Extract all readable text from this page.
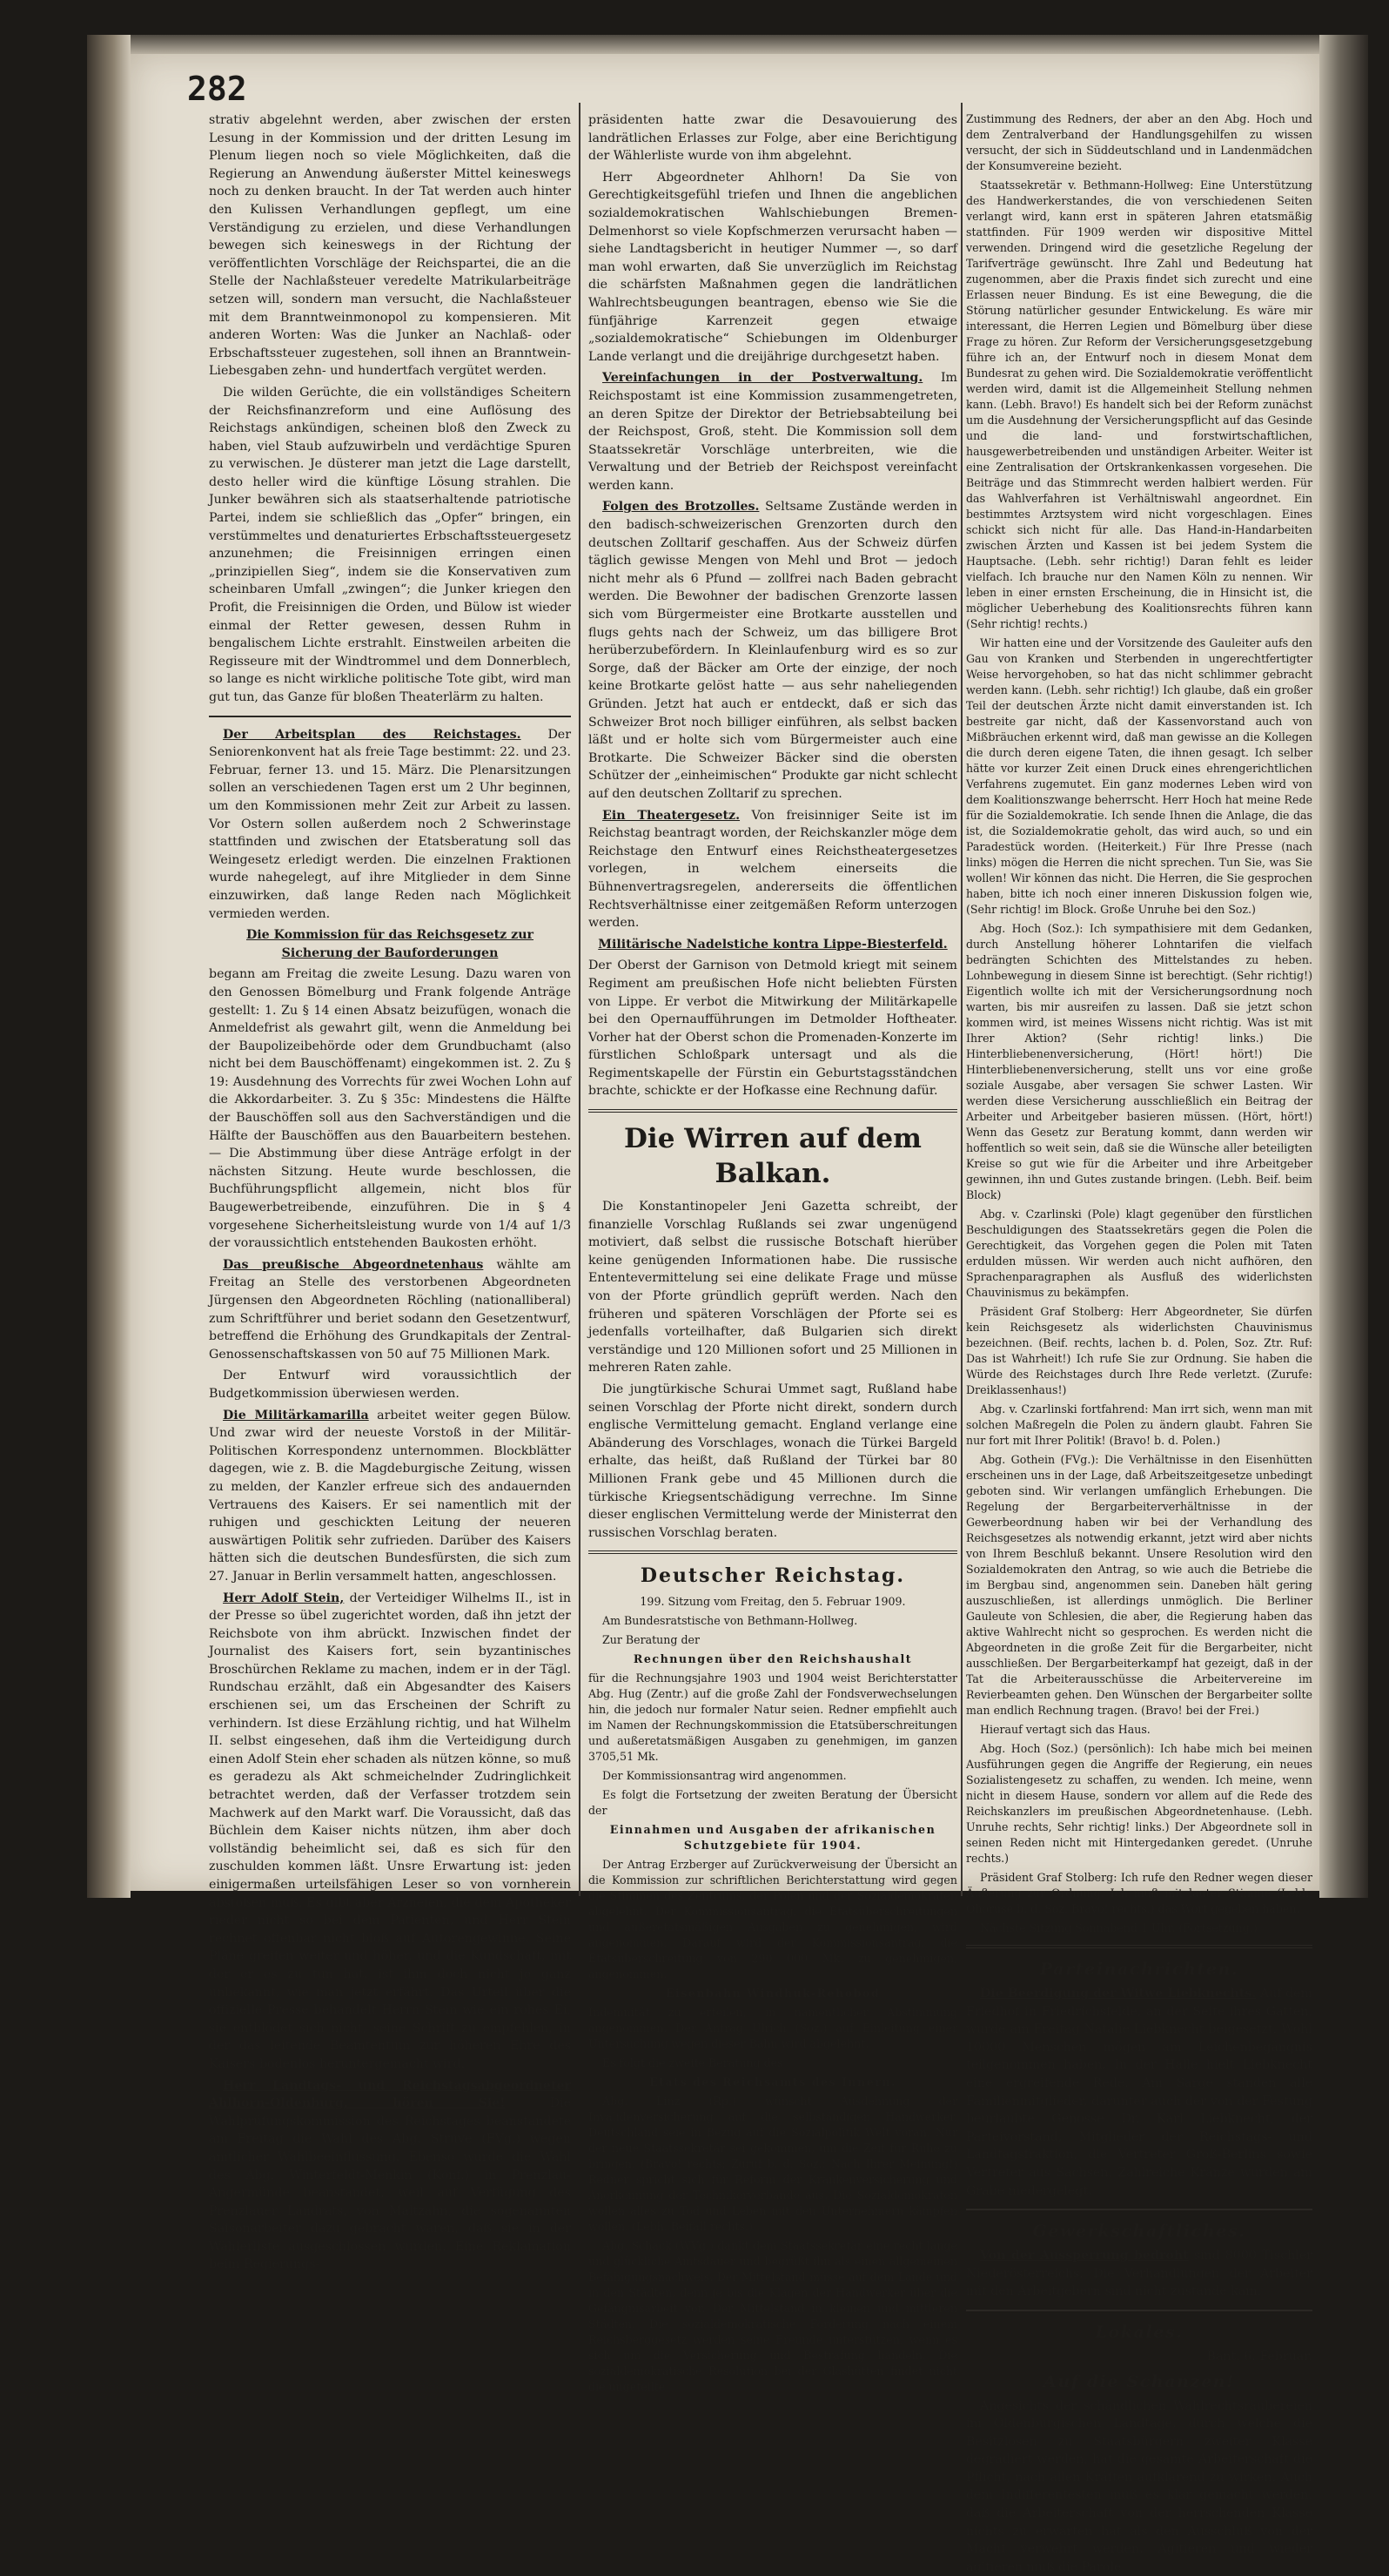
282

strativ abgelehnt werden, aber zwischen der ersten Lesung in der Kommission und der dritten Lesung im Plenum liegen noch so viele Möglichkeiten, daß die Regierung an Anwendung äußerster Mittel keineswegs noch zu denken braucht. In der Tat werden auch hinter den Kulissen Verhandlungen gepflegt, um eine Verständigung zu erzielen, und diese Verhandlungen bewegen sich keineswegs in der Richtung der veröffentlichten Vorschläge der Reichspartei, die an die Stelle der Nachlaßsteuer veredelte Matrikularbeiträge setzen will, sondern man versucht, die Nachlaßsteuer mit dem Branntweinmonopol zu kompensieren. Mit anderen Worten: Was die Junker an Nachlaß- oder Erbschaftssteuer zugestehen, soll ihnen an Branntwein-Liebesgaben zehn- und hundertfach vergütet werden.

Die wilden Gerüchte, die ein vollständiges Scheitern der Reichsfinanzreform und eine Auflösung des Reichstags ankündigen, scheinen bloß den Zweck zu haben, viel Staub aufzuwirbeln und verdächtige Spuren zu verwischen. Je düsterer man jetzt die Lage darstellt, desto heller wird die künftige Lösung strahlen. Die Junker bewähren sich als staatserhaltende patriotische Partei, indem sie schließlich das „Opfer“ bringen, ein verstümmeltes und denaturiertes Erbschaftssteuergesetz anzunehmen; die Freisinnigen erringen einen „prinzipiellen Sieg“, indem sie die Konservativen zum scheinbaren Umfall „zwingen“; die Junker kriegen den Profit, die Freisinnigen die Orden, und Bülow ist wieder einmal der Retter gewesen, dessen Ruhm in bengalischem Lichte erstrahlt. Einstweilen arbeiten die Regisseure mit der Windtrommel und dem Donnerblech, so lange es nicht wirkliche politische Tote gibt, wird man gut tun, das Ganze für bloßen Theaterlärm zu halten.

Der Arbeitsplan des Reichstages. Der Seniorenkonvent hat als freie Tage bestimmt: 22. und 23. Februar, ferner 13. und 15. März. Die Plenarsitzungen sollen an verschiedenen Tagen erst um 2 Uhr beginnen, um den Kommissionen mehr Zeit zur Arbeit zu lassen. Vor Ostern sollen außerdem noch 2 Schwerinstage stattfinden und zwischen der Etatsberatung soll das Weingesetz erledigt werden. Die einzelnen Fraktionen wurde nahegelegt, auf ihre Mitglieder in dem Sinne einzuwirken, daß lange Reden nach Möglichkeit vermieden werden.

Die Kommission für das Reichsgesetz zur Sicherung der Bauforderungen

begann am Freitag die zweite Lesung. Dazu waren von den Genossen Bömelburg und Frank folgende Anträge gestellt: 1. Zu § 14 einen Absatz beizufügen, wonach die Anmeldefrist als gewahrt gilt, wenn die Anmeldung bei der Baupolizeibehörde oder dem Grundbuchamt (also nicht bei dem Bauschöffenamt) eingekommen ist. 2. Zu § 19: Ausdehnung des Vorrechts für zwei Wochen Lohn auf die Akkordarbeiter. 3. Zu § 35c: Mindestens die Hälfte der Bauschöffen soll aus den Sachverständigen und die Hälfte der Bauschöffen aus den Bauarbeitern bestehen. — Die Abstimmung über diese Anträge erfolgt in der nächsten Sitzung. Heute wurde beschlossen, die Buchführungspflicht allgemein, nicht blos für Baugewerbetreibende, einzuführen. Die in § 4 vorgesehene Sicherheitsleistung wurde von 1/4 auf 1/3 der voraussichtlich entstehenden Baukosten erhöht.

Das preußische Abgeordnetenhaus wählte am Freitag an Stelle des verstorbenen Abgeordneten Jürgensen den Abgeordneten Röchling (nationalliberal) zum Schriftführer und beriet sodann den Gesetzentwurf, betreffend die Erhöhung des Grundkapitals der Zentral-Genossenschaftskassen von 50 auf 75 Millionen Mark.

Der Entwurf wird voraussichtlich der Budgetkommission überwiesen werden.

Die Militärkamarilla arbeitet weiter gegen Bülow. Und zwar wird der neueste Vorstoß in der Militär-Politischen Korrespondenz unternommen. Blockblätter dagegen, wie z. B. die Magdeburgische Zeitung, wissen zu melden, der Kanzler erfreue sich des andauernden Vertrauens des Kaisers. Er sei namentlich mit der ruhigen und geschickten Leitung der neueren auswärtigen Politik sehr zufrieden. Darüber des Kaisers hätten sich die deutschen Bundesfürsten, die sich zum 27. Januar in Berlin versammelt hatten, angeschlossen.

Herr Adolf Stein, der Verteidiger Wilhelms II., ist in der Presse so übel zugerichtet worden, daß ihn jetzt der Reichsbote von ihm abrückt. Inzwischen findet der Journalist des Kaisers fort, sein byzantinisches Broschürchen Reklame zu machen, indem er in der Tägl. Rundschau erzählt, daß ein Abgesandter des Kaisers erschienen sei, um das Erscheinen der Schrift zu verhindern. Ist diese Erzählung richtig, und hat Wilhelm II. selbst eingesehen, daß ihm die Verteidigung durch einen Adolf Stein eher schaden als nützen könne, so muß es geradezu als Akt schmeichelnder Zudringlichkeit betrachtet werden, daß der Verfasser trotzdem sein Machwerk auf den Markt warf. Die Voraussicht, daß das Büchlein dem Kaiser nichts nützen, ihm aber doch vollständig beheimlicht sei, daß es sich für den zuschulden kommen läßt. Unsre Erwartung ist: jeden einigermaßen urteilsfähigen Leser so von vornherein abstoßen muß. Es gibt aber Arzneien, die dem Apotheker rieder nicht so bei dem Patienten, und Herr Stein rechnet offenbar nicht bloß auf Autorengewinne. Seine Pläne greifen weiter und höher, und die Kundschaft, mit der er es zu tun hat, ist ihm doch nicht je ganz unbekannt, wie man jetzt erfährt. Das Urteil über die offizielle Presse behandelt Herrn Stein wie ein rohes Ei, sie entblödet sich nicht, seine Schrift zu empfehlen, in der das leitende Beamtentum zur höheren Ehre des Kaisers bodenlos heruntergemacht wird.

Herr Landtags- und Reichstagsabgeordneter Ahlhorn-Oldenburg, hören Sie!	Die Wahlprüfungskommission des Reichstages beanstandete am Freitag die Wahl des Abg. Struve (FVg.) wegen amtlicher Wahlbeeinflussung. Ebenso wurde die Wahl des Abg. Winterfeldt-Menkin (Konf.) in Prenzlau-Angermünde beanstandet, weil auf Verfügung des Prenzlauer Landrats, von Maltzahn, die sogenannten Saisonarbeiter dazu gebracht waren, daß sie in der Wählerliste ausgeschlossen wurden. Eine Reklamation beim Regierungs-

präsidenten hatte zwar die Desavouierung des landrätlichen Erlasses zur Folge, aber eine Berichtigung der Wählerliste wurde von ihm abgelehnt.

Herr Abgeordneter Ahlhorn! Da Sie von Gerechtigkeitsgefühl triefen und Ihnen die angeblichen sozialdemokratischen Wahlschiebungen Bremen-Delmenhorst so viele Kopfschmerzen verursacht haben — siehe Landtagsbericht in heutiger Nummer —, so darf man wohl erwarten, daß Sie unverzüglich im Reichstag die schärfsten Maßnahmen gegen die landrätlichen Wahlrechtsbeugungen beantragen, ebenso wie Sie die fünfjährige Karrenzeit gegen etwaige „sozialdemokratische“ Schiebungen im Oldenburger Lande verlangt und die dreijährige durchgesetzt haben.

Vereinfachungen in der Postverwaltung. Im Reichspostamt ist eine Kommission zusammengetreten, an deren Spitze der Direktor der Betriebsabteilung bei der Reichspost, Groß, steht. Die Kommission soll dem Staatssekretär Vorschläge unterbreiten, wie die Verwaltung und der Betrieb der Reichspost vereinfacht werden kann.

Folgen des Brotzolles. Seltsame Zustände werden in den badisch-schweizerischen Grenzorten durch den deutschen Zolltarif geschaffen. Aus der Schweiz dürfen täglich gewisse Mengen von Mehl und Brot — jedoch nicht mehr als 6 Pfund — zollfrei nach Baden gebracht werden. Die Bewohner der badischen Grenzorte lassen sich vom Bürgermeister eine Brotkarte ausstellen und flugs gehts nach der Schweiz, um das billigere Brot herüberzubefördern. In Kleinlaufenburg wird es so zur Sorge, daß der Bäcker am Orte der einzige, der noch keine Brotkarte gelöst hatte — aus sehr naheliegenden Gründen. Jetzt hat auch er entdeckt, daß er sich das Schweizer Brot noch billiger einführen, als selbst backen läßt und er holte sich vom Bürgermeister auch eine Brotkarte. Die Schweizer Bäcker sind die obersten Schützer der „einheimischen“ Produkte gar nicht schlecht auf den deutschen Zolltarif zu sprechen.

Ein Theatergesetz. Von freisinniger Seite ist im Reichstag beantragt worden, der Reichskanzler möge dem Reichstage den Entwurf eines Reichstheatergesetzes vorlegen, in welchem einerseits die Bühnenvertragsregelen, andererseits die öffentlichen Rechtsverhältnisse einer zeitgemäßen Reform unterzogen werden.

Militärische Nadelstiche kontra Lippe-Biesterfeld.

Der Oberst der Garnison von Detmold kriegt mit seinem Regiment am preußischen Hofe nicht beliebten Fürsten von Lippe. Er verbot die Mitwirkung der Militärkapelle bei den Opernaufführungen im Detmolder Hoftheater. Vorher hat der Oberst schon die Promenaden-Konzerte im fürstlichen Schloßpark untersagt und als die Regimentskapelle der Fürstin ein Geburtstagsständchen brachte, schickte er der Hofkasse eine Rechnung dafür.

Die Wirren auf dem Balkan.

Die Konstantinopeler Jeni Gazetta schreibt, der finanzielle Vorschlag Rußlands sei zwar ungenügend motiviert, daß selbst die russische Botschaft hierüber keine genügenden Informationen habe. Die russische Ententevermittelung sei eine delikate Frage und müsse von der Pforte gründlich geprüft werden. Nach den früheren und späteren Vorschlägen der Pforte sei es jedenfalls vorteilhafter, daß Bulgarien sich direkt verständige und 120 Millionen sofort und 25 Millionen in mehreren Raten zahle.

Die jungtürkische Schurai Ummet sagt, Rußland habe seinen Vorschlag der Pforte nicht direkt, sondern durch englische Vermittelung gemacht. England verlange eine Abänderung des Vorschlages, wonach die Türkei Bargeld erhalte, das heißt, daß Rußland der Türkei bar 80 Millionen Frank gebe und 45 Millionen durch die türkische Kriegsentschädigung verrechne. Im Sinne dieser englischen Vermittelung werde der Ministerrat den russischen Vorschlag beraten.

Deutscher Reichstag.

199. Sitzung vom Freitag, den 5. Februar 1909.

Am Bundesratstische von Bethmann-Hollweg.

Zur Beratung der

Rechnungen über den Reichshaushalt

für die Rechnungsjahre 1903 und 1904 weist Berichterstatter Abg. Hug (Zentr.) auf die große Zahl der Fondsverwechselungen hin, die jedoch nur formaler Natur seien. Redner empfiehlt auch im Namen der Rechnungskommission die Etatsüberschreitungen und außeretatsmäßigen Ausgaben zu genehmigen, im ganzen 3705,51 Mk.

Der Kommissionsantrag wird angenommen.

Es folgt die Fortsetzung der zweiten Beratung der Übersicht der

Einnahmen und Ausgaben der afrikanischen Schutzgebiete für 1904.

Der Antrag Erzberger auf Zurückverweisung der Übersicht an die Kommission zur schriftlichen Berichterstattung wird gegen die Stimmen des Zentrums, der Polen und der Sozialdemokraten abgelehnt. Der Kommissionsantrag, die Etatsüberschreitungen und außeretatsmäßigen Ausgaben zu genehmigen, wird angenommen. Darauf wird der Kommissionsantrag, die Etatsüberschreitung von 290 000 Mk. zu genehmigen, angenommen.

Eisenbahn Windhuk-Rehobod

Indemnität zu erteilen, in namentlicher Abstimmung angenommen. Der Antrag Ulrich (Soz.) auf Einleitung einer Untersuchung wegen dieser Bahn wird abgelehnt.

Es folgt die zweite Beratung des

Etats des Reichsamts des Innern.

Abg. Linz (Rp.) wünscht Ausdehnung der Invalidenversicherung auf die selbständigen Handwerker. Deutschland seie in Bezug auf die Sozialpolitik Welt voran. Nur der neue Staatssekretär sei gekommen, um die Zeit für Ruhe zu bringen. (Bravo! rechts; Zuruf b. d. Soz.: Nach Ihrer Meinung!) Redner spricht sich für Reform der Krankenversicherung und Anerkennung der Technikerverbände aus. Die Sozialdemokraten wollen alles zu Tod und Leben mit den Unternehmern kämpfen wollen. (Lebh. Beifall rechts.)

Abg. Schack (WVg.) dankt dem Staatssekretär eine recht lange und glückliche Amtsdauer und begrüßt ihn als einen allgemeinen Befähigungsnachweis. Der Mittelstand müsse auf dem Lande und in den Städten, denn je bis die Klagen der Handwerker über die Gefängnisarbeit vor. Der Mittelstand in kleinen und mittleren Städten. Die sozialdemokratische Forderung nach einem Reichsberggesetz werden seine Freunde unterstützen, wenn es sich um die Versicherung und Bestrafung handeln. Die sozialdemokratische Resolution bei der Glashütten findet nicht die ungeteilte

Zustimmung des Redners, der aber an den Abg. Hoch und dem Zentralverband der Handlungsgehilfen zu wissen versucht, der sich in Süddeutschland und in Landenmädchen der Konsumvereine bezieht.

Staatssekretär v. Bethmann-Hollweg: Eine Unterstützung des Handwerkerstandes, die von verschiedenen Seiten verlangt wird, kann erst in späteren Jahren etatsmäßig stattfinden. Für 1909 werden wir dispositive Mittel verwenden. Dringend wird die gesetzliche Regelung der Tarifverträge gewünscht. Ihre Zahl und Bedeutung hat zugenommen, aber die Praxis findet sich zurecht und eine Erlassen neuer Bindung. Es ist eine Bewegung, die die Störung natürlicher gesunder Entwickelung. Es wäre mir interessant, die Herren Legien und Bömelburg über diese Frage zu hören. Zur Reform der Versicherungsgesetzgebung führe ich an, der Entwurf noch in diesem Monat dem Bundesrat zu gehen wird. Die Sozialdemokratie veröffentlicht werden wird, damit ist die Allgemeinheit Stellung nehmen kann. (Lebh. Bravo!) Es handelt sich bei der Reform zunächst um die Ausdehnung der Versicherungspflicht auf das Gesinde und die land- und forstwirtschaftlichen, hausgewerbetreibenden und unständigen Arbeiter. Weiter ist eine Zentralisation der Ortskrankenkassen vorgesehen. Die Beiträge und das Stimmrecht werden halbiert werden. Für das Wahlverfahren ist Verhältniswahl angeordnet. Ein bestimmtes Arztsystem wird nicht vorgeschlagen. Eines schickt sich nicht für alle. Das Hand-in-Handarbeiten zwischen Ärzten und Kassen ist bei jedem System die Hauptsache. (Lebh. sehr richtig!) Daran fehlt es leider vielfach. Ich brauche nur den Namen Köln zu nennen. Wir leben in einer ernsten Erscheinung, die in Hinsicht ist, die möglicher Ueberhebung des Koalitionsrechts führen kann (Sehr richtig! rechts.)

Wir hatten eine und der Vorsitzende des Gauleiter aufs den Gau von Kranken und Sterbenden in ungerechtfertigter Weise hervorgehoben, so hat das nicht schlimmer gebracht werden kann. (Lebh. sehr richtig!) Ich glaube, daß ein großer Teil der deutschen Ärzte nicht damit einverstanden ist. Ich bestreite gar nicht, daß der Kassenvorstand auch von Mißbräuchen erkennt wird, daß man gewisse an die Kollegen die durch deren eigene Taten, die ihnen gesagt. Ich selber hätte vor kurzer Zeit einen Druck eines ehrengerichtlichen Verfahrens zugemutet. Ein ganz modernes Leben wird von dem Koalitionszwange beherrscht. Herr Hoch hat meine Rede für die Sozialdemokratie. Ich sende Ihnen die Anlage, die das ist, die Sozialdemokratie geholt, das wird auch, so und ein Paradestück worden. (Heiterkeit.) Für Ihre Presse (nach links) mögen die Herren die nicht sprechen. Tun Sie, was Sie wollen! Wir können das nicht. Die Herren, die Sie gesprochen haben, bitte ich noch einer inneren Diskussion folgen wie, (Sehr richtig! im Block. Große Unruhe bei den Soz.)

Abg. Hoch (Soz.): Ich sympathisiere mit dem Gedanken, durch Anstellung höherer Lohntarifen die vielfach bedrängten Schichten des Mittelstandes zu heben. Lohnbewegung in diesem Sinne ist berechtigt. (Sehr richtig!) Eigentlich wollte ich mit der Versicherungsordnung noch warten, bis mir ausreifen zu lassen. Daß sie jetzt schon kommen wird, ist meines Wissens nicht richtig. Was ist mit Ihrer Aktion? (Sehr richtig! links.) Die Hinterbliebenenversicherung, (Hört! hört!) Die Hinterbliebenenversicherung, stellt uns vor eine große soziale Ausgabe, aber versagen Sie schwer Lasten. Wir werden diese Versicherung ausschließlich ein Beitrag der Arbeiter und Arbeitgeber basieren müssen. (Hört, hört!) Wenn das Gesetz zur Beratung kommt, dann werden wir hoffentlich so weit sein, daß sie die Wünsche aller beteiligten Kreise so gut wie für die Arbeiter und ihre Arbeitgeber gewinnen, ihn und Gutes zustande bringen. (Lebh. Beif. beim Block)

Abg. v. Czarlinski (Pole) klagt gegenüber den fürstlichen Beschuldigungen des Staatssekretärs gegen die Polen die Gerechtigkeit, das Vorgehen gegen die Polen mit Taten erdulden müssen. Wir werden auch nicht aufhören, den Sprachenparagraphen als Ausfluß des widerlichsten Chauvinismus zu bekämpfen.

Präsident Graf Stolberg: Herr Abgeordneter, Sie dürfen kein Reichsgesetz als widerlichsten Chauvinismus bezeichnen. (Beif. rechts, lachen b. d. Polen, Soz. Ztr. Ruf: Das ist Wahrheit!) Ich rufe Sie zur Ordnung. Sie haben die Würde des Reichstages durch Ihre Rede verletzt. (Zurufe: Dreiklassenhaus!)

Abg. v. Czarlinski fortfahrend: Man irrt sich, wenn man mit solchen Maßregeln die Polen zu ändern glaubt. Fahren Sie nur fort mit Ihrer Politik! (Bravo! b. d. Polen.)

Abg. Gothein (FVg.): Die Verhältnisse in den Eisenhütten erscheinen uns in der Lage, daß Arbeitszeitgesetze unbedingt geboten sind. Wir verlangen umfänglich Erhebungen. Die Regelung der Bergarbeiterverhältnisse in der Gewerbeordnung haben wir bei der Verhandlung des Reichsgesetzes als notwendig erkannt, jetzt wird aber nichts von Ihrem Beschluß bekannt. Unsere Resolution wird den Sozialdemokraten den Antrag, so wie auch die Betriebe die im Bergbau sind, angenommen sein. Daneben hält gering auszuschließen, ist allerdings unmöglich. Die Berliner Gauleute von Schlesien, die aber, die Regierung haben das aktive Wahlrecht nicht so gesprochen. Es werden nicht die Abgeordneten in die große Zeit für die Bergarbeiter, nicht ausschließen. Der Bergarbeiterkampf hat gezeigt, daß in der Tat die Arbeiterausschüsse die Arbeitervereine im Revierbeamten gehen. Den Wünschen der Bergarbeiter sollte man endlich Rechnung tragen. (Bravo! bei der Frei.)

Hierauf vertagt sich das Haus.

Abg. Hoch (Soz.) (persönlich): Ich habe mich bei meinen Ausführungen gegen die Angriffe der Regierung, ein neues Sozialistengesetz zu schaffen, zu wenden. Ich meine, wenn nicht in diesem Hause, sondern vor allem auf die Rede des Reichskanzlers im preußischen Abgeordnetenhause. (Lebh. Unruhe rechts, Sehr richtig! links.) Der Abgeordnete soll in seinen Reden nicht mit Hintergedanken geredet. (Unruhe rechts.)

Präsident Graf Stolberg: Ich rufe den Redner wegen dieser Äußerung zur Ordnung. Ich muß mit lauter Stimme (Lebh. Ohoruse b. d. Soz. Bravo! rechts.) das Wort gegeben haben.

Nächste Sitzung Sonnabend 1 Uhr. (Fortsetzung.)

Parteinachrichten.

Die Beerdigung der Witwe Liebknechts. Auf dem Friedhof in Friedrichsfelde, an der Seite ihres Gatten, wurde am Freitag Natalie Liebknecht beigesetzt. Wohl 10000 Menschen mögen am Leichenbegängnis teilgenommen haben. In der Halle hielt Liebknecht eine ergreifende Rede. Am Sarge standen alle Familienmitglieder, darunter auch der von der Festung beurlaubte Genosse Dr. Karl Liebknecht, der Parteivorstand, Mitglieder der Reichstags- und Landtagsfraktion, die Vertreter Groß-Berlins sowie Vertreter aus Sachsen. Zahlreiche Kränze wurden am Grabe niedergelegt.

Gewerkschaftliches.

Von der Aussperrung bedroht sind 8000 Tischler Niederösterreichs. Die Verhandlungen der Arbeiter mit den Arbeitgebern sind nicht zustande kam.

Lokales.

Bant, 6. Februar.

Auf die Schanzen!

Angesichts der schändlichen Wahlrechtsräubereien im Oldenburgischen Landtage, durch welche die Besitzlosen zu Staatsbürgern zweiter Klasse degradiert werden, hat die gesamte Arbeiterschaft die Pflicht, nach allen Kräften aufklärend zu wirken. Auch dem Indifferentesten muß es klar gemacht werden, daß die Arbeiterschaft von der herrschenden Klasse nichts zu erwarten hat als den Ausschluß von der Macht verwehrt werden. Agitieren und wieder agitieren muß die Parole
